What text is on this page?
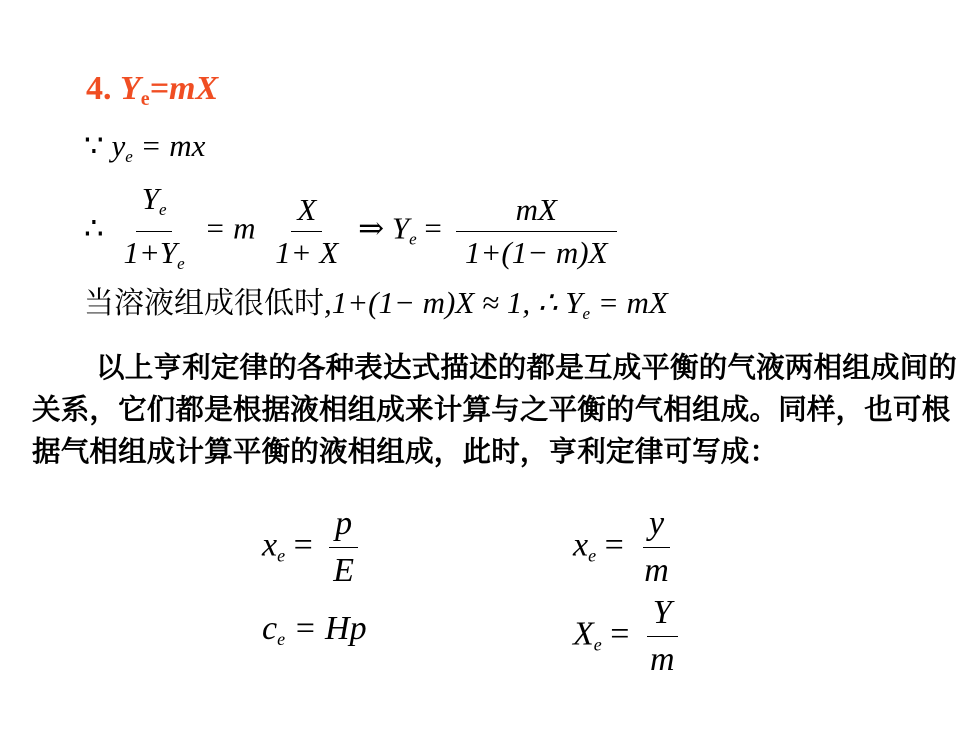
4. $Y_e=mX$
∵ $y_e$ = mx
∴ $\frac{Y_e}{1+Y_e} = m \frac{X}{1+ X}$ ⇒ $Y_e = \frac{mX}{1+(1- m)X}$
当溶液组成很低时,1+(1− m)X ≈ 1, ∴ $Y_e$ = mX
以上亨利定律的各种表达式描述的都是互成平衡的气液两相组成间的关系，它们都是根据液相组成来计算与之平衡的气相组成。同样，也可根据气相组成计算平衡的液相组成，此时，亨利定律可写成：
$x_e = \frac{p}{E}$	$x_e = \frac{y}{m}$
$c_e = Hp$	$X_e = \frac{Y}{m}$
